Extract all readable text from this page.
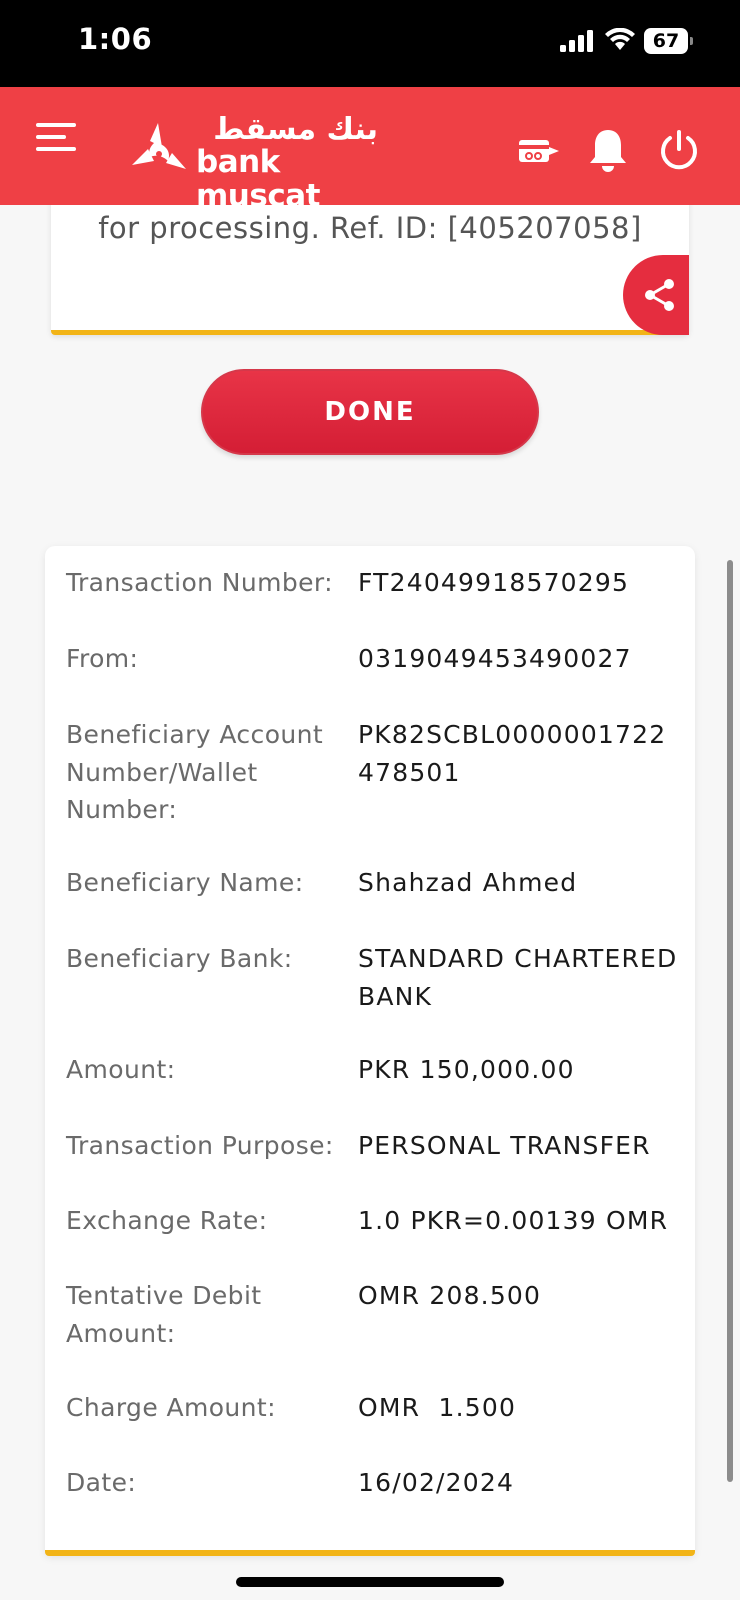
1:06	67
بنك مسقط
bank muscat
for processing. Ref. ID: [405207058]
DONE
Transaction Number: FT24049918570295
From:	0319049453490027
Beneficiary Account Number/Wallet Number:
PK82SCBL0000001722478501
Beneficiary Name:	Shahzad Ahmed
Beneficiary Bank:	STANDARD CHARTERED BANK
Amount:	PKR 150,000.00
Transaction Purpose: PERSONAL TRANSFER
Exchange Rate:	1.0 PKR=0.00139 OMR
Tentative Debit Amount:
OMR 208.500
Charge Amount:	OMR  1.500
Date:	16/02/2024
